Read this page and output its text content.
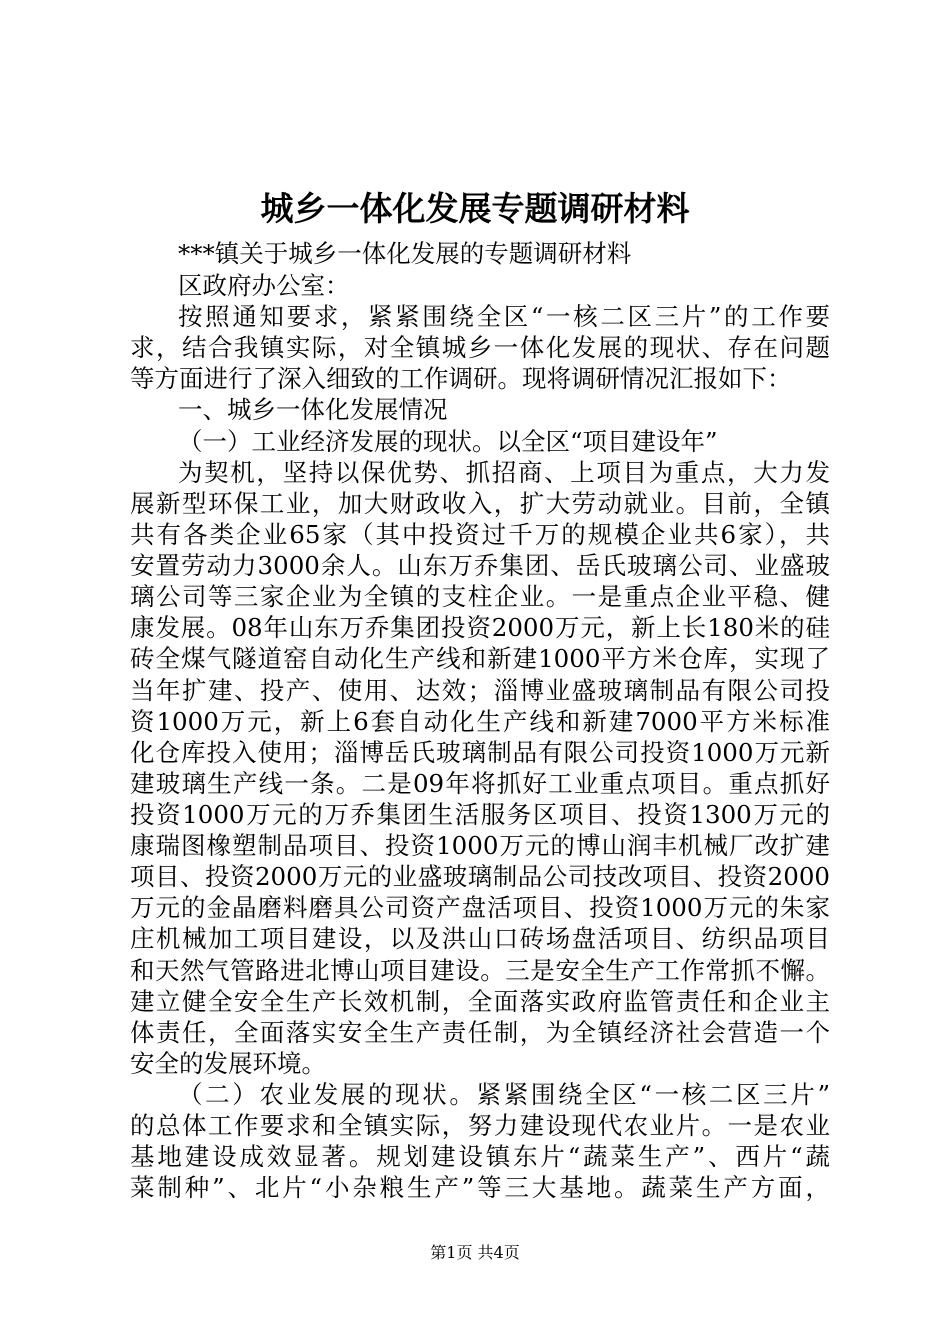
城乡一体化发展专题调研材料
***镇关于城乡一体化发展的专题调研材料
区政府办公室：
按照通知要求，紧紧围绕全区“一核二区三片”的工作要
求，结合我镇实际，对全镇城乡一体化发展的现状、存在问题
等方面进行了深入细致的工作调研。现将调研情况汇报如下：
一、城乡一体化发展情况
（一）工业经济发展的现状。以全区“项目建设年”
为契机，坚持以保优势、抓招商、上项目为重点，大力发
展新型环保工业，加大财政收入，扩大劳动就业。目前，全镇
共有各类企业65家（其中投资过千万的规模企业共6家），共
安置劳动力3000余人。山东万乔集团、岳氏玻璃公司、业盛玻
璃公司等三家企业为全镇的支柱企业。一是重点企业平稳、健
康发展。08年山东万乔集团投资2000万元，新上长180米的硅
砖全煤气隧道窑自动化生产线和新建1000平方米仓库，实现了
当年扩建、投产、使用、达效；淄博业盛玻璃制品有限公司投
资1000万元，新上6套自动化生产线和新建7000平方米标准
化仓库投入使用；淄博岳氏玻璃制品有限公司投资1000万元新
建玻璃生产线一条。二是09年将抓好工业重点项目。重点抓好
投资1000万元的万乔集团生活服务区项目、投资1300万元的
康瑞图橡塑制品项目、投资1000万元的博山润丰机械厂改扩建
项目、投资2000万元的业盛玻璃制品公司技改项目、投资2000
万元的金晶磨料磨具公司资产盘活项目、投资1000万元的朱家
庄机械加工项目建设，以及洪山口砖场盘活项目、纺织品项目
和天然气管路进北博山项目建设。三是安全生产工作常抓不懈。
建立健全安全生产长效机制，全面落实政府监管责任和企业主
体责任，全面落实安全生产责任制，为全镇经济社会营造一个
安全的发展环境。
（二）农业发展的现状。紧紧围绕全区“一核二区三片”
的总体工作要求和全镇实际，努力建设现代农业片。一是农业
基地建设成效显著。规划建设镇东片“蔬菜生产”、西片“蔬
菜制种”、北片“小杂粮生产”等三大基地。蔬菜生产方面，
第1页 共4页
